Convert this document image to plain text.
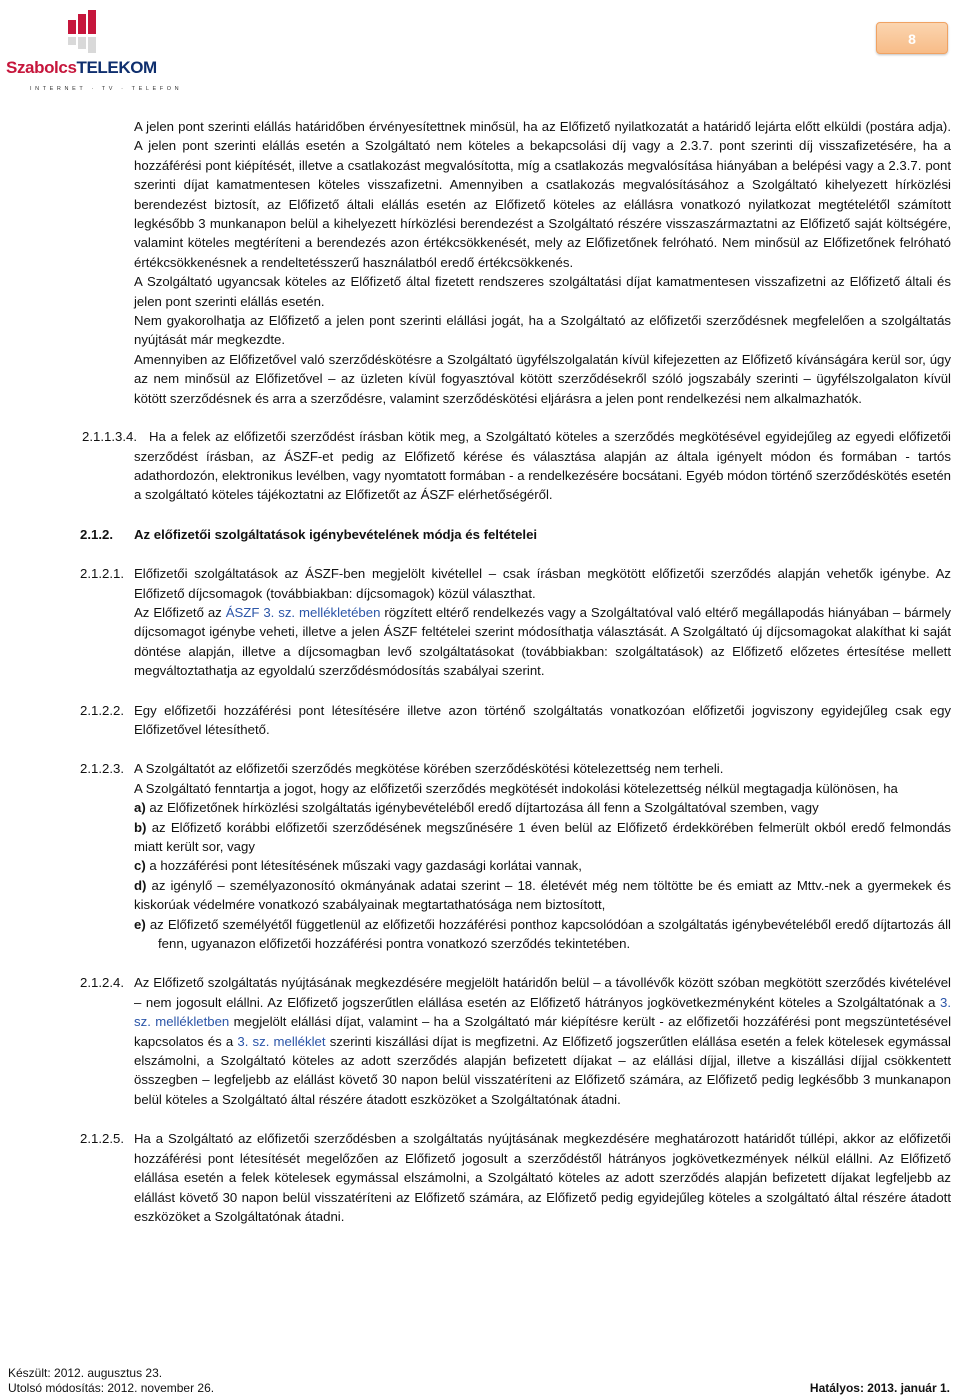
SzabolcsTELEKOM
INTERNET · TV · TELEFON
8

A jelen pont szerinti elállás határidőben érvényesítettnek minősül, ha az Előfizető nyilatkozatát a határidő lejárta előtt elküldi (postára adja). A jelen pont szerinti elállás esetén a Szolgáltató nem köteles a bekapcsolási díj vagy a 2.3.7. pont szerinti díj visszafizetésére, ha a hozzáférési pont kiépítését, illetve a csatlakozást megvalósította, míg a csatlakozás megvalósítása hiányában a belépési vagy a 2.3.7. pont szerinti díjat kamatmentesen köteles visszafizetni. Amennyiben a csatlakozás megvalósításához a Szolgáltató kihelyezett hírközlési berendezést biztosít, az Előfizető általi elállás esetén az Előfizető köteles az elállásra vonatkozó nyilatkozat megtételétől számított legkésőbb 3 munkanapon belül a kihelyezett hírközlési berendezést a Szolgáltató részére visszaszármaztatni az Előfizető saját költségére, valamint köteles megtéríteni a berendezés azon értékcsökkenését, mely az Előfizetőnek felróható. Nem minősül az Előfizetőnek felróható értékcsökkenésnek a rendeltetésszerű használatból eredő értékcsökkenés.

A Szolgáltató ugyancsak köteles az Előfizető által fizetett rendszeres szolgáltatási díjat kamatmentesen visszafizetni az Előfizető általi és jelen pont szerinti elállás esetén.

Nem gyakorolhatja az Előfizető a jelen pont szerinti elállási jogát, ha a Szolgáltató az előfizetői szerződésnek megfelelően a szolgáltatás nyújtását már megkezdte.

Amennyiben az Előfizetővel való szerződéskötésre a Szolgáltató ügyfélszolgalatán kívül kifejezetten az Előfizető kívánságára kerül sor, úgy az nem minősül az Előfizetővel – az üzleten kívül fogyasztóval kötött szerződésekről szóló jogszabály szerinti – ügyfélszolgalaton kívül kötött szerződésnek és arra a szerződésre, valamint szerződéskötési eljárásra a jelen pont rendelkezési nem alkalmazhatók.

2.1.1.3.4. Ha a felek az előfizetői szerződést írásban kötik meg, a Szolgáltató köteles a szerződés megkötésével egyidejűleg az egyedi előfizetői szerződést írásban, az ÁSZF-et pedig az Előfizető kérése és választása alapján az általa igényelt módon és formában - tartós adathordozón, elektronikus levélben, vagy nyomtatott formában - a rendelkezésére bocsátani. Egyéb módon történő szerződéskötés esetén a szolgáltató köteles tájékoztatni az Előfizetőt az ÁSZF elérhetőségéről.

2.1.2. Az előfizetői szolgáltatások igénybevételének módja és feltételei
2.1.2.1. Előfizetői szolgáltatások az ÁSZF-ben megjelölt kivétellel – csak írásban megkötött előfizetői szerződés alapján vehetők igénybe. Az Előfizető díjcsomagok (továbbiakban: díjcsomagok) közül választhat.

Az Előfizető az ÁSZF 3. sz. mellékletében rögzített eltérő rendelkezés vagy a Szolgáltatóval való eltérő megállapodás hiányában – bármely díjcsomagot igénybe veheti, illetve a jelen ÁSZF feltételei szerint módosíthatja választását. A Szolgáltató új díjcsomagokat alakíthat ki saját döntése alapján, illetve a díjcsomagban levő szolgáltatásokat (továbbiakban: szolgáltatások) az Előfizető előzetes értesítése mellett megváltoztathatja az egyoldalú szerződésmódosítás szabályai szerint.

2.1.2.2. Egy előfizetői hozzáférési pont létesítésére illetve azon történő szolgáltatás vonatkozóan előfizetői jogviszony egyidejűleg csak egy Előfizetővel létesíthető.

2.1.2.3. A Szolgáltatót az előfizetői szerződés megkötése körében szerződéskötési kötelezettség nem terheli.

A Szolgáltató fenntartja a jogot, hogy az előfizetői szerződés megkötését indokolási kötelezettség nélkül megtagadja különösen, ha

a) az Előfizetőnek hírközlési szolgáltatás igénybevételéből eredő díjtartozása áll fenn a Szolgáltatóval szemben, vagy

b) az Előfizető korábbi előfizetői szerződésének megszűnésére 1 éven belül az Előfizető érdekkörében felmerült okból eredő felmondás miatt került sor, vagy

c) a hozzáférési pont létesítésének műszaki vagy gazdasági korlátai vannak,

d) az igénylő – személyazonosító okmányának adatai szerint – 18. életévét még nem töltötte be és emiatt az Mttv.-nek a gyermekek és kiskorúak védelmére vonatkozó szabályainak megtartathatósága nem biztosított,

e) az Előfizető személyétől függetlenül az előfizetői hozzáférési ponthoz kapcsolódóan a szolgáltatás igénybevételéből eredő díjtartozás áll fenn, ugyanazon előfizetői hozzáférési pontra vonatkozó szerződés tekintetében.

2.1.2.4. Az Előfizető szolgáltatás nyújtásának megkezdésére megjelölt határidőn belül – a távollévők között szóban megkötött szerződés kivételével – nem jogosult elállni. Az Előfizető jogszerűtlen elállása esetén az Előfizető hátrányos jogkövetkezményként köteles a Szolgáltatónak a 3. sz. mellékletben megjelölt elállási díjat, valamint – ha a Szolgáltató már kiépítésre került - az előfizetői hozzáférési pont megszüntetésével kapcsolatos és a 3. sz. melléklet szerinti kiszállási díjat is megfizetni. Az Előfizető jogszerűtlen elállása esetén a felek kötelesek egymással elszámolni, a Szolgáltató köteles az adott szerződés alapján befizetett díjakat – az elállási díjjal, illetve a kiszállási díjjal csökkentett összegben – legfeljebb az elállást követő 30 napon belül visszatéríteni az Előfizető számára, az Előfizető pedig legkésőbb 3 munkanapon belül köteles a Szolgáltató által részére átadott eszközöket a Szolgáltatónak átadni.

2.1.2.5. Ha a Szolgáltató az előfizetői szerződésben a szolgáltatás nyújtásának megkezdésére meghatározott határidőt túllépi, akkor az előfizetői hozzáférési pont létesítését megelőzően az Előfizető jogosult a szerződéstől hátrányos jogkövetkezmények nélkül elállni. Az Előfizető elállása esetén a felek kötelesek egymással elszámolni, a Szolgáltató köteles az adott szerződés alapján befizetett díjakat legfeljebb az elállást követő 30 napon belül visszatéríteni az Előfizető számára, az Előfizető pedig egyidejűleg köteles a szolgáltató által részére átadott eszközöket a Szolgáltatónak átadni.

Készült: 2012. augusztus 23.
Utolsó módosítás: 2012. november 26.	Hatályos: 2013. január 1.
